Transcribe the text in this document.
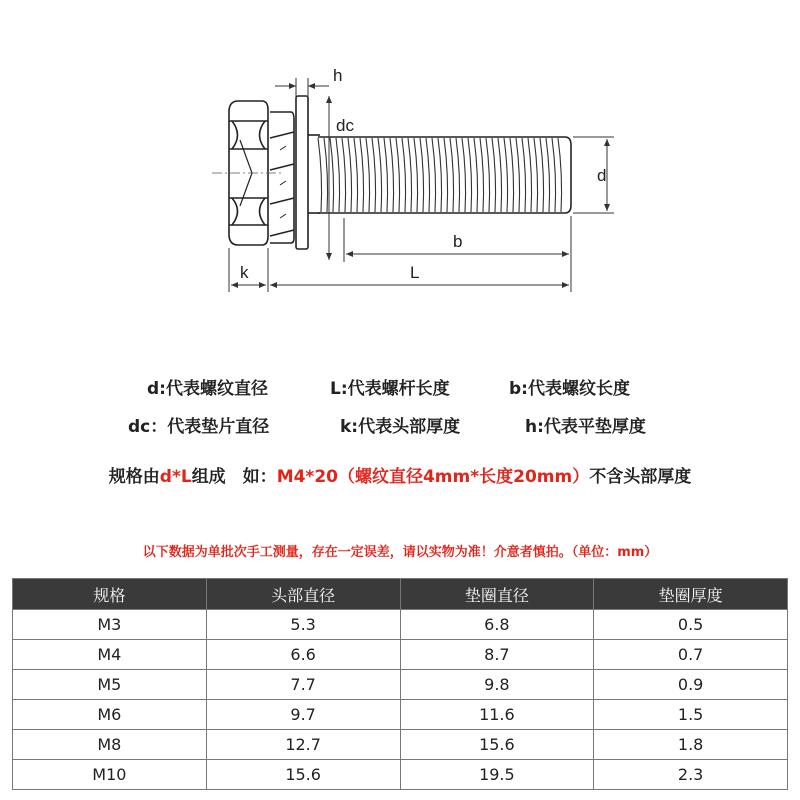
h
dc
d
b
k	L
d:代表螺纹直径	L:代表螺杆长度	b:代表螺纹长度
dc：代表垫片直径	k:代表头部厚度	h:代表平垫厚度
规格由d*L组成　如：M4*20（螺纹直径4mm*长度20mm）不含头部厚度
以下数据为单批次手工测量，存在一定误差，请以实物为准！介意者慎拍。（单位：mm）
规格	头部直径	垫圈直径	垫圈厚度
M3	5.3	6.8	0.5
M4	6.6	8.7	0.7
M5	7.7	9.8	0.9
M6	9.7	11.6	1.5
M8	12.7	15.6	1.8
M10	15.6	19.5	2.3
